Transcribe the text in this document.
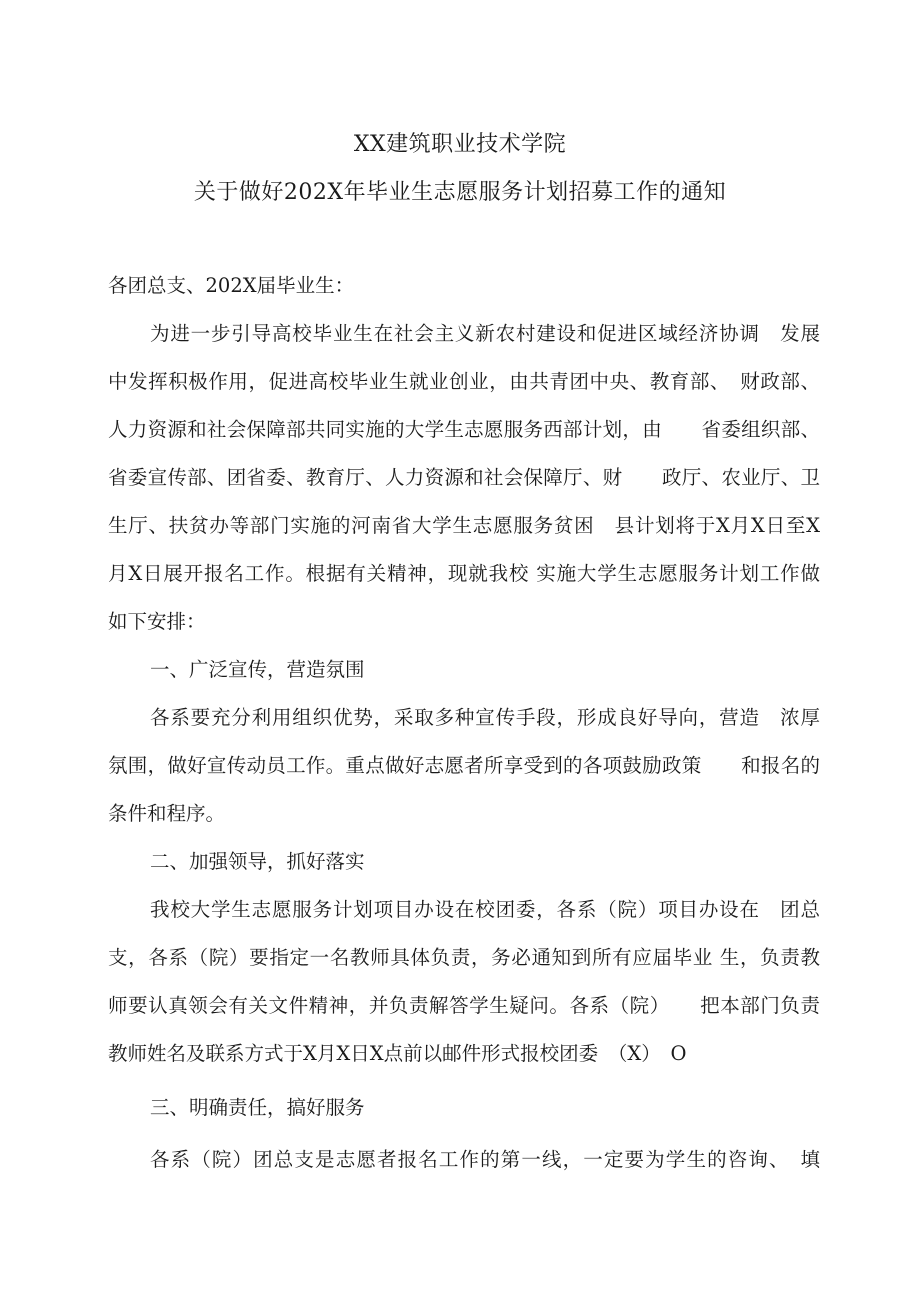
XX建筑职业技术学院
关于做好202X年毕业生志愿服务计划招募工作的通知
各团总支、202X届毕业生：
为进一步引导高校毕业生在社会主义新农村建设和促进区域经济协调　发展
中发挥积极作用，促进高校毕业生就业创业，由共青团中央、教育部、　财政部、
人力资源和社会保障部共同实施的大学生志愿服务西部计划，由　　省委组织部、
省委宣传部、团省委、教育厅、人力资源和社会保障厅、财　　政厅、农业厅、卫
生厅、扶贫办等部门实施的河南省大学生志愿服务贫困　县计划将于X月X日至X
月X日展开报名工作。根据有关精神，现就我校 实施大学生志愿服务计划工作做
如下安排：
一、广泛宣传，营造氛围
各系要充分利用组织优势，采取多种宣传手段，形成良好导向，营造　浓厚
氛围，做好宣传动员工作。重点做好志愿者所享受到的各项鼓励政策　　和报名的
条件和程序。
二、加强领导，抓好落实
我校大学生志愿服务计划项目办设在校团委，各系（院）项目办设在　团总
支，各系（院）要指定一名教师具体负责，务必通知到所有应届毕业 生，负责教
师要认真领会有关文件精神，并负责解答学生疑问。各系（院）　　把本部门负责
教师姓名及联系方式于X月X日X点前以邮件形式报校团委　（X）　O
三、明确责任，搞好服务
各系（院）团总支是志愿者报名工作的第一线，一定要为学生的咨询、　填
